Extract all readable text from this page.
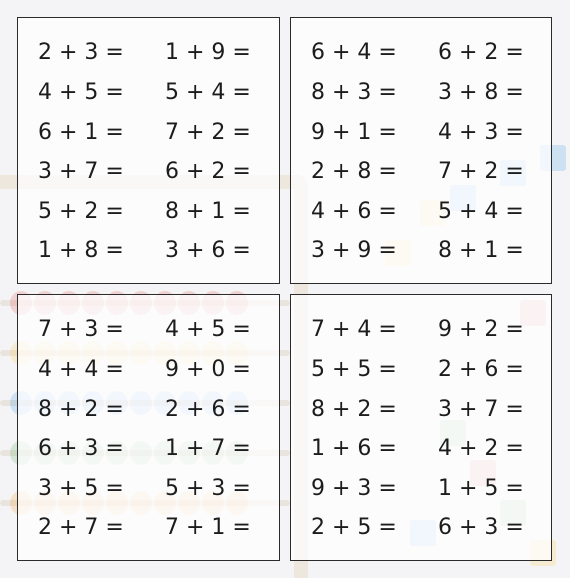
2 + 3 = 1 + 9 =
4 + 5 = 5 + 4 =
6 + 1 = 7 + 2 =
3 + 7 = 6 + 2 =
5 + 2 = 8 + 1 =
1 + 8 = 3 + 6 =
6 + 4 = 6 + 2 =
8 + 3 = 3 + 8 =
9 + 1 = 4 + 3 =
2 + 8 = 7 + 2 =
4 + 6 = 5 + 4 =
3 + 9 = 8 + 1 =
7 + 3 = 4 + 5 =
4 + 4 = 9 + 0 =
8 + 2 = 2 + 6 =
6 + 3 = 1 + 7 =
3 + 5 = 5 + 3 =
2 + 7 = 7 + 1 =
7 + 4 = 9 + 2 =
5 + 5 = 2 + 6 =
8 + 2 = 3 + 7 =
1 + 6 = 4 + 2 =
9 + 3 = 1 + 5 =
2 + 5 = 6 + 3 =
